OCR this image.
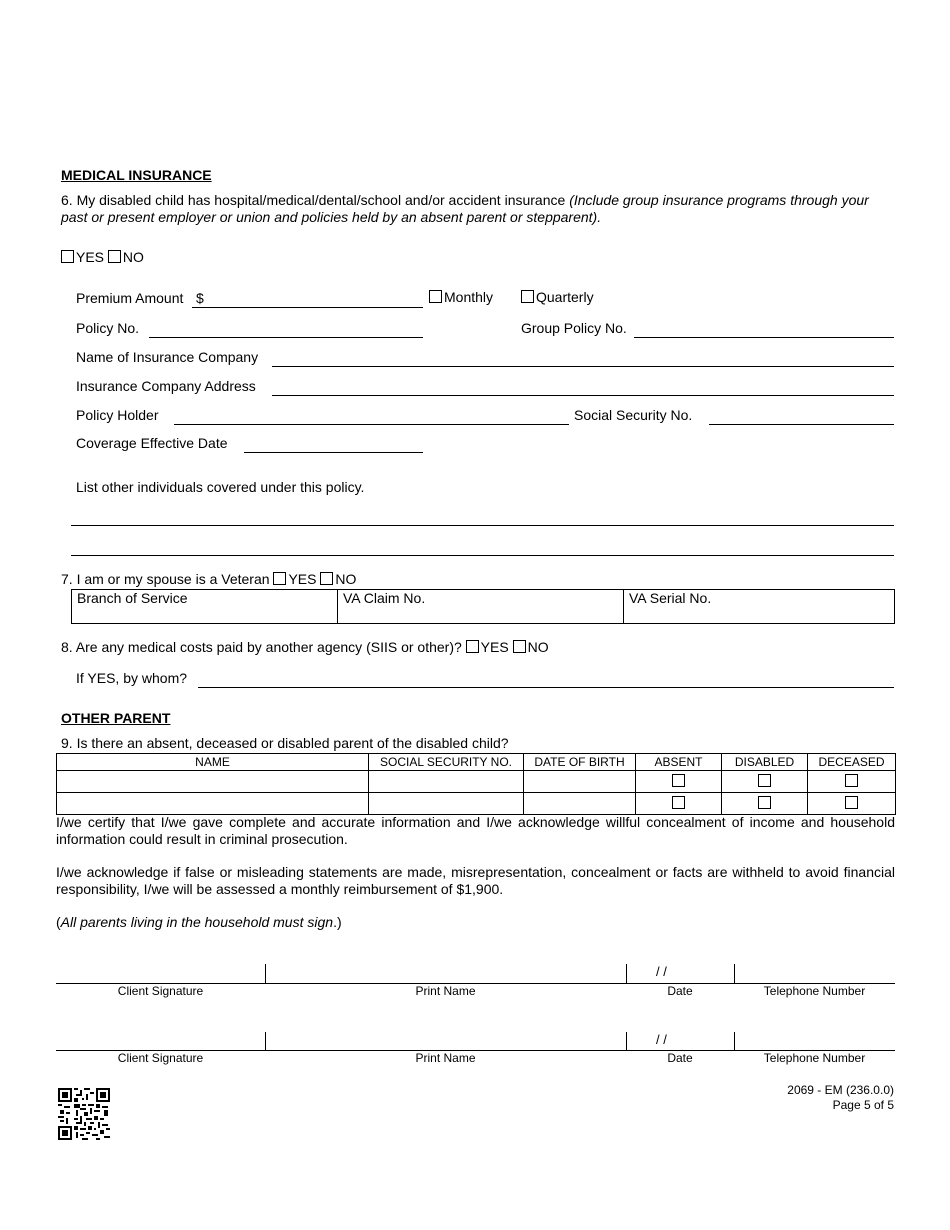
MEDICAL INSURANCE
6. My disabled child has hospital/medical/dental/school and/or accident insurance (Include group insurance programs through your past or present employer or union and policies held by an absent parent or stepparent).
YES NO
Premium Amount $	Monthly	Quarterly
Policy No.	Group Policy No.
Name of Insurance Company
Insurance Company Address
Policy Holder	Social Security No.
Coverage Effective Date
List other individuals covered under this policy.
7. I am or my spouse is a Veteran YES NO
Branch of Service	VA Claim No.	VA Serial No.
8. Are any medical costs paid by another agency (SIIS or other)? YES NO
If YES, by whom?
OTHER PARENT
9. Is there an absent, deceased or disabled parent of the disabled child?
NAME	SOCIAL SECURITY NO.	DATE OF BIRTH	ABSENT	DISABLED	DECEASED

I/we certify that I/we gave complete and accurate information and I/we acknowledge willful concealment of income and household information could result in criminal prosecution.
I/we acknowledge if false or misleading statements are made, misrepresentation, concealment or facts are withheld to avoid financial responsibility, I/we will be assessed a monthly reimbursement of $1,900.
(All parents living in the household must sign.)
/ /
Client Signature	Print Name	Date	Telephone Number
/ /
Client Signature	Print Name	Date	Telephone Number
2069 - EM (236.0.0)
Page 5 of 5
